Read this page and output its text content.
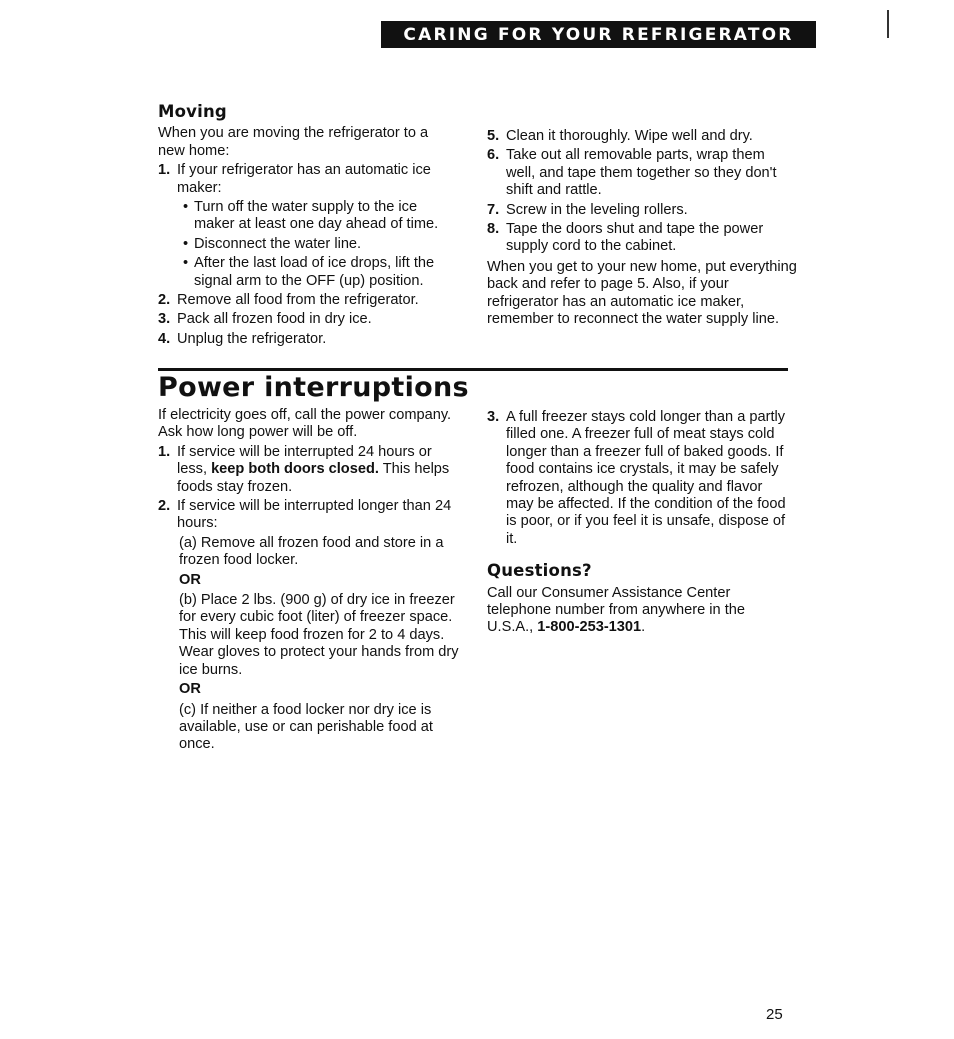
CARING FOR YOUR REFRIGERATOR
Moving

When you are moving the refrigerator to a new home:

1. If your refrigerator has an automatic ice maker:
• Turn off the water supply to the ice maker at least one day ahead of time.
• Disconnect the water line.
• After the last load of ice drops, lift the signal arm to the OFF (up) position.
2. Remove all food from the refrigerator.
3. Pack all frozen food in dry ice.
4. Unplug the refrigerator.
5. Clean it thoroughly. Wipe well and dry.
6. Take out all removable parts, wrap them well, and tape them together so they don't shift and rattle.
7. Screw in the leveling rollers.
8. Tape the doors shut and tape the power supply cord to the cabinet.

When you get to your new home, put everything back and refer to page 5. Also, if your refrigerator has an automatic ice maker, remember to reconnect the water supply line.

Power interruptions

If electricity goes off, call the power company. Ask how long power will be off.

1. If service will be interrupted 24 hours or less, keep both doors closed. This helps foods stay frozen.
2. If service will be interrupted longer than 24 hours:
(a) Remove all frozen food and store in a frozen food locker.
OR
(b) Place 2 lbs. (900 g) of dry ice in freezer for every cubic foot (liter) of freezer space. This will keep food frozen for 2 to 4 days. Wear gloves to protect your hands from dry ice burns.
OR
(c) If neither a food locker nor dry ice is available, use or can perishable food at once.
3. A full freezer stays cold longer than a partly filled one. A freezer full of meat stays cold longer than a freezer full of baked goods. If food contains ice crystals, it may be safely refrozen, although the quality and flavor may be affected. If the condition of the food is poor, or if you feel it is unsafe, dispose of it.
Questions?

Call our Consumer Assistance Center telephone number from anywhere in the U.S.A., 1-800-253-1301.

25
